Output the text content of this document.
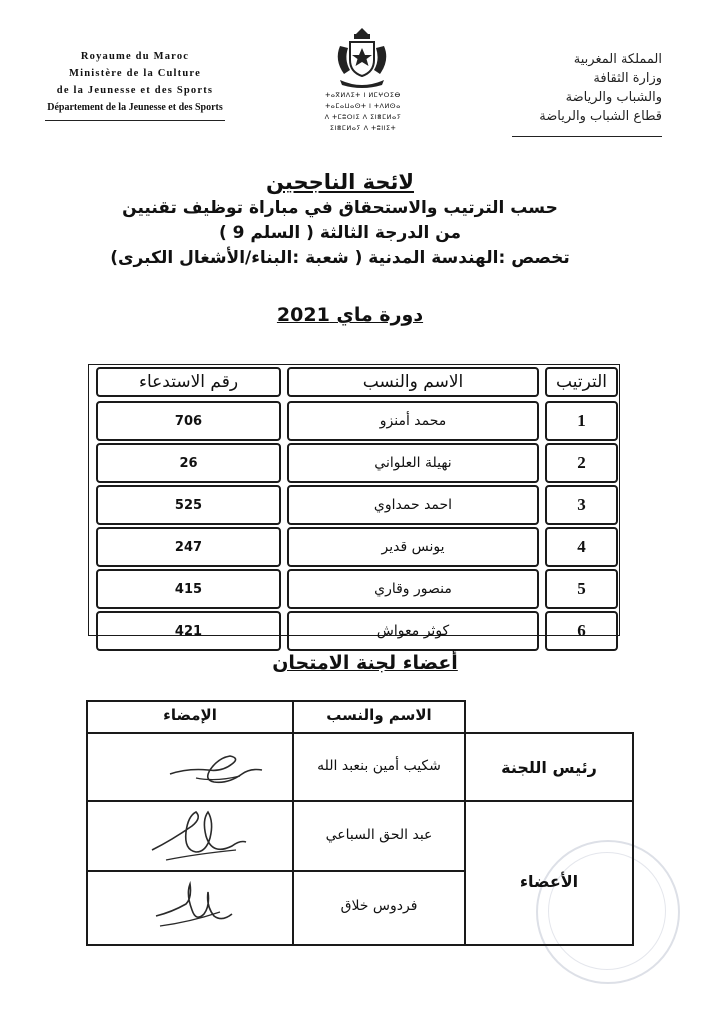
Royaume du Maroc
Ministère de la Culture
de la Jeunesse et des Sports
Département de la Jeunesse et des Sports
ⵜⴰⴳⵍⴷⵉⵜ ⵏ ⵍⵎⵖⵔⵉⴱ
ⵜⴰⵎⴰⵡⴰⵙⵜ ⵏ ⵜⴷⵍⵙⴰ
ⴷ ⵜⵎⵓⵔⵏⵉ ⴷ ⵉⵏⴻⵎⵍⴰⵢ
ⵉⵏⴻⵎⵍⴰⵢ ⴷ ⵜⵓⵏⵏⵉⵜ
المملكة المغربية
وزارة الثقافة
والشباب والرياضة
قطاع الشباب والرياضة
لائحة الناجحين
حسب الترتيب والاستحقاق في مباراة توظيف تقنيين
من الدرجة الثالثة ( السلم 9 )
تخصص :الهندسة المدنية ( شعبة :البناء/الأشغال الكبرى)
دورة ماي 2021
الترتيب
الاسم والنسب
رقم الاستدعاء
1
محمد أمنزو
706
2
نهيلة العلواني
26
3
احمد حمداوي
525
4
يونس قدير
247
5
منصور وقاري
415
6
كوثر معواش
421
أعضاء لجنة الامتحان
الاسم والنسب
الإمضاء
رئيس اللجنة
الأعضاء
شكيب أمين بنعبد الله
عبد الحق السباعي
فردوس خلاق
